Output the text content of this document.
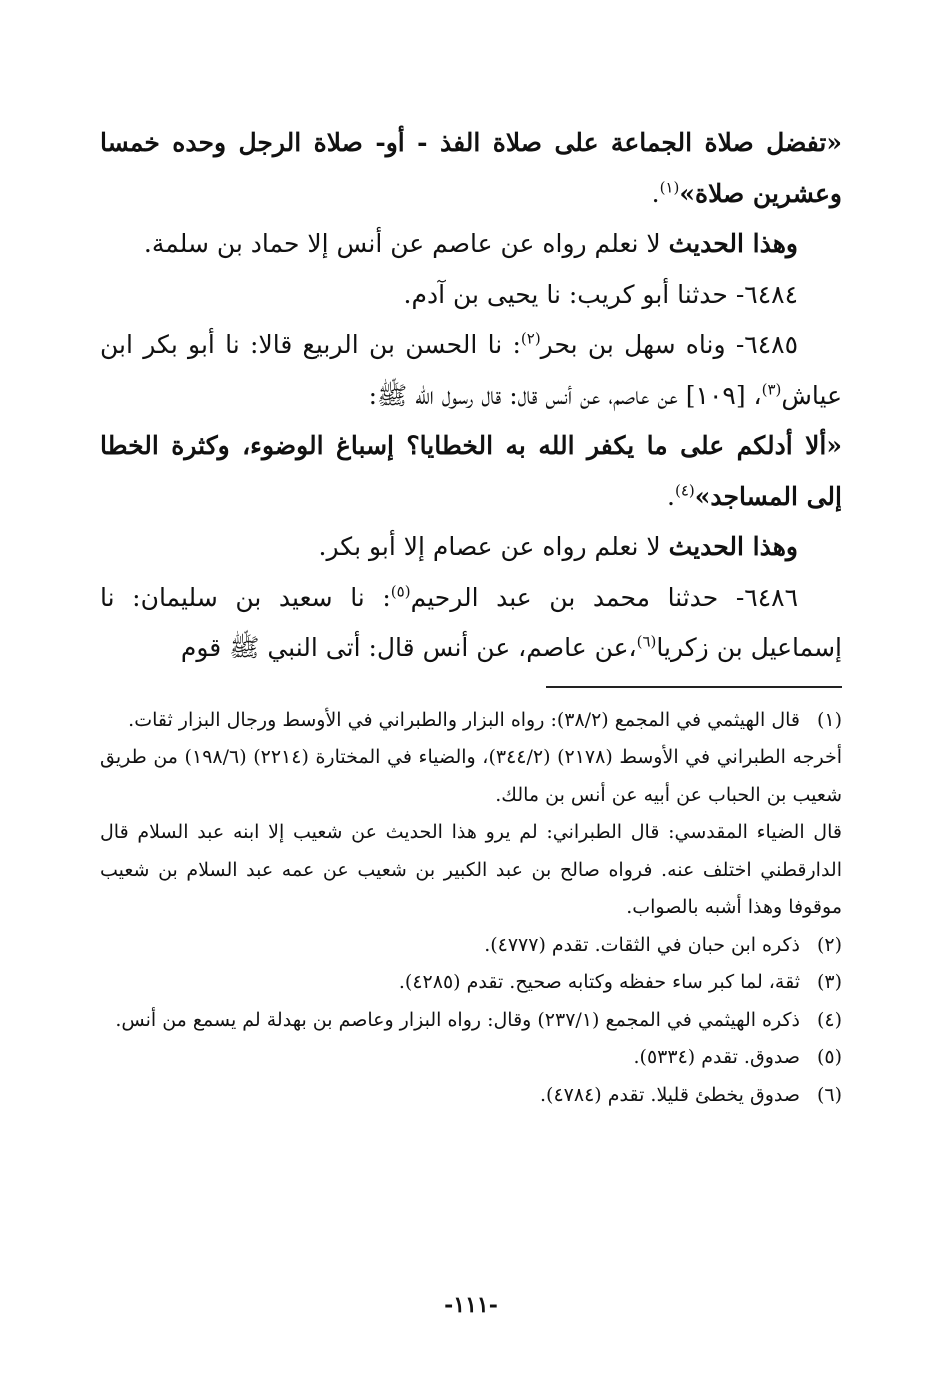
«تفضل صلاة الجماعة على صلاة الفذ - أو- صلاة الرجل وحده خمسا وعشرين صلاة»$^{(١)}$.

وهذا الحديث لا نعلم رواه عن عاصم عن أنس إلا حماد بن سلمة.

٦٤٨٤- حدثنا أبو كريب: نا يحيى بن آدم.

٦٤٨٥- وناه سهل بن بحر$^{(٢)}$: نا الحسن بن الربيع قالا: نا أبو بكر ابن عياش$^{(٣)}$، [١٠٩] عن عاصم، عن أنس قال: قال رسول الله ﷺ:

«ألا أدلكم على ما يكفر الله به الخطايا؟ إسباغ الوضوء، وكثرة الخطا إلى المساجد»$^{(٤)}$.

وهذا الحديث لا نعلم رواه عن عصام إلا أبو بكر.

٦٤٨٦- حدثنا محمد بن عبد الرحيم$^{(٥)}$: نا سعيد بن سليمان: نا إسماعيل بن زكريا$^{(٦)}$،عن عاصم، عن أنس قال: أتى النبي ﷺ قوم

(١)
قال الهيثمي في المجمع (٣٨/٢): رواه البزار والطبراني في الأوسط ورجال البزار ثقات.

أخرجه الطبراني في الأوسط (٢١٧٨) (٣٤٤/٢)، والضياء في المختارة (٢٢١٤) (١٩٨/٦) من طريق شعيب بن الحباب عن أبيه عن أنس بن مالك.

قال الضياء المقدسي: قال الطبراني: لم يرو هذا الحديث عن شعيب إلا ابنه عبد السلام قال الدارقطني اختلف عنه. فرواه صالح بن عبد الكبير بن شعيب عن عمه عبد السلام بن شعيب موقوفا وهذا أشبه بالصواب.

(٢)
ذكره ابن حبان في الثقات. تقدم (٤٧٧٧).

(٣)
ثقة، لما كبر ساء حفظه وكتابه صحيح. تقدم (٤٢٨٥).

(٤)
ذكره الهيثمي في المجمع (٢٣٧/١) وقال: رواه البزار وعاصم بن بهدلة لم يسمع من أنس.

(٥)
صدوق. تقدم (٥٣٣٤).

(٦)
صدوق يخطئ قليلا. تقدم (٤٧٨٤).

-١١١-
